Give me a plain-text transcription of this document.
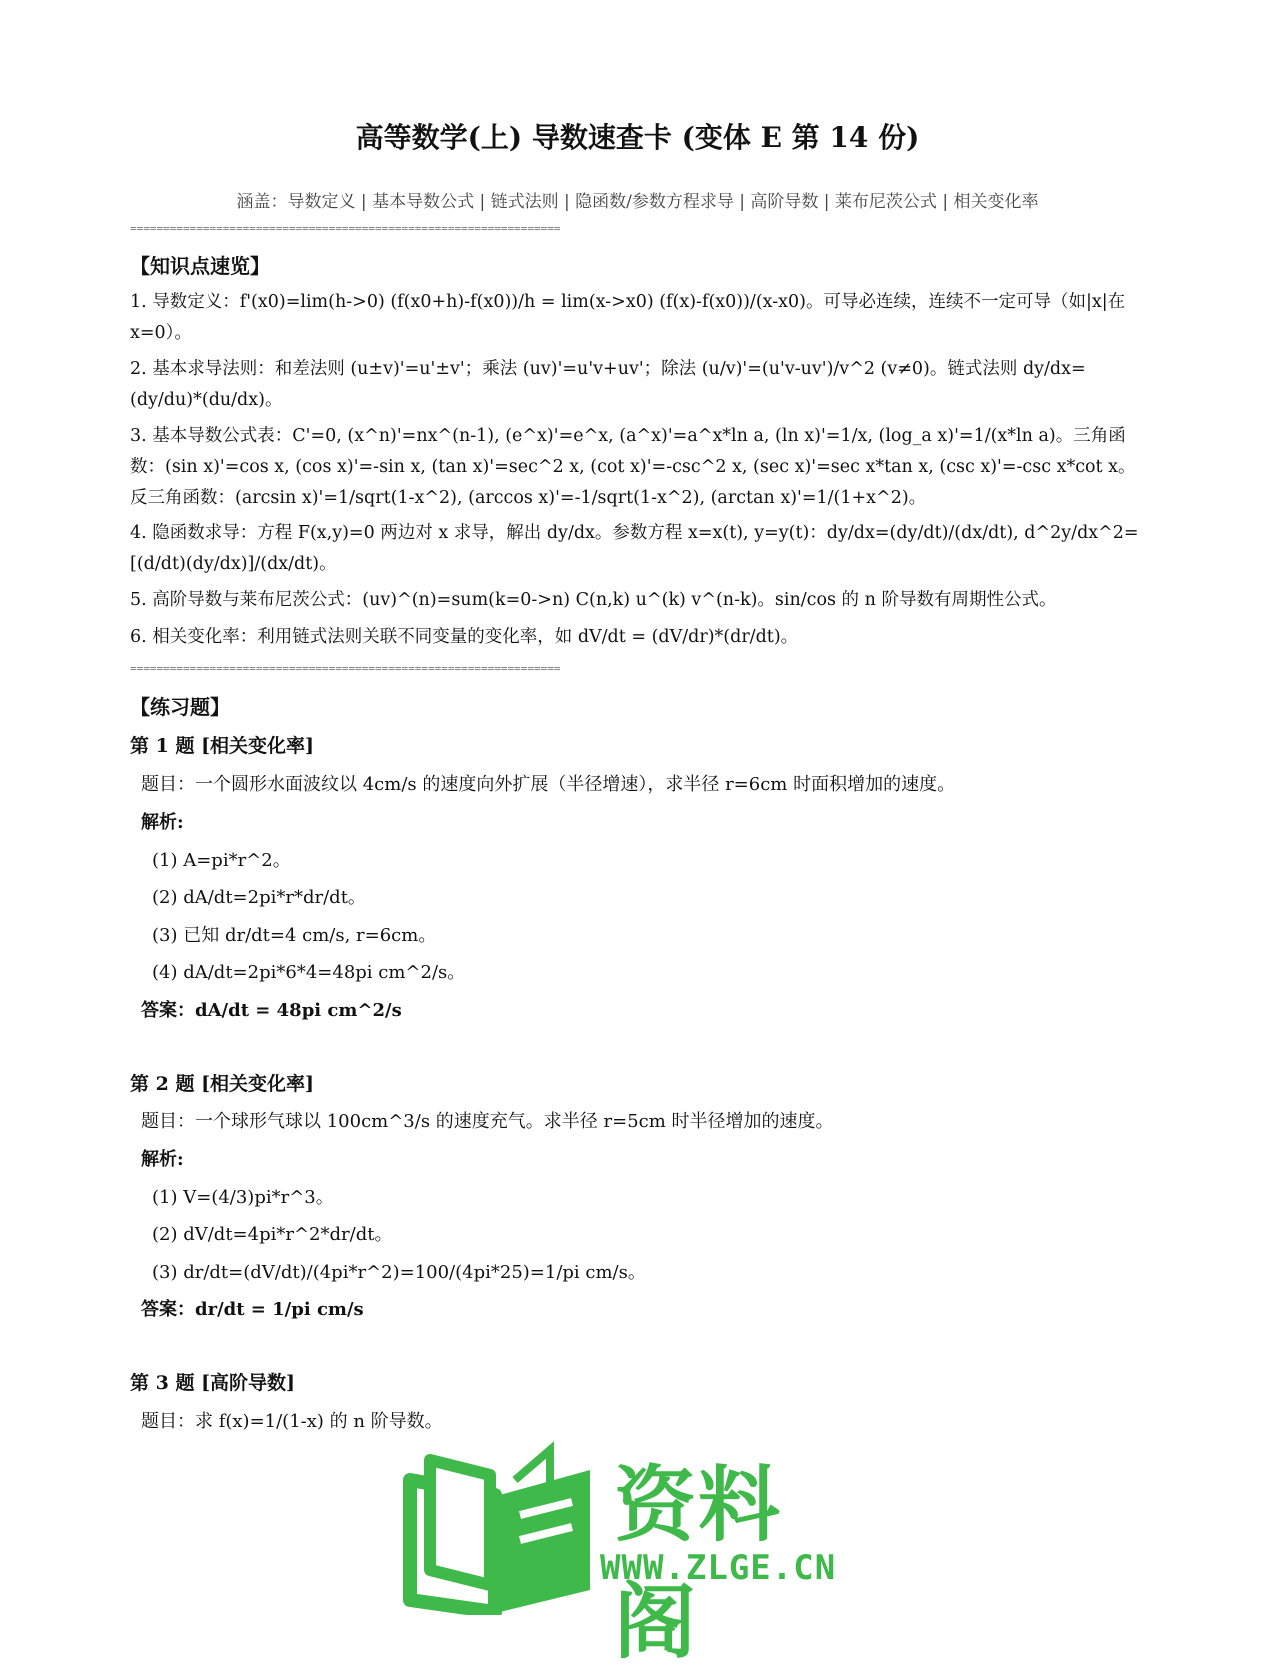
高等数学(上) 导数速查卡 (变体 E 第 14 份)

涵盖：导数定义 | 基本导数公式 | 链式法则 | 隐函数/参数方程求导 | 高阶导数 | 莱布尼茨公式 | 相关变化率

=================================================================
【知识点速览】

1. 导数定义：f'(x0)=lim(h->0) (f(x0+h)-f(x0))/h = lim(x->x0) (f(x)-f(x0))/(x-x0)。可导必连续，连续不一定可导（如|x|在 x=0）。

2. 基本求导法则：和差法则 (u±v)'=u'±v'；乘法 (uv)'=u'v+uv'；除法 (u/v)'=(u'v-uv')/v^2 (v≠0)。链式法则 dy/dx=(dy/du)*(du/dx)。

3. 基本导数公式表：C'=0, (x^n)'=nx^(n-1), (e^x)'=e^x, (a^x)'=a^x*ln a, (ln x)'=1/x, (log_a x)'=1/(x*ln a)。三角函数：(sin x)'=cos x, (cos x)'=-sin x, (tan x)'=sec^2 x, (cot x)'=-csc^2 x, (sec x)'=sec x*tan x, (csc x)'=-csc x*cot x。反三角函数：(arcsin x)'=1/sqrt(1-x^2), (arccos x)'=-1/sqrt(1-x^2), (arctan x)'=1/(1+x^2)。

4. 隐函数求导：方程 F(x,y)=0 两边对 x 求导，解出 dy/dx。参数方程 x=x(t), y=y(t)：dy/dx=(dy/dt)/(dx/dt), d^2y/dx^2=[(d/dt)(dy/dx)]/(dx/dt)。

5. 高阶导数与莱布尼茨公式：(uv)^(n)=sum(k=0->n) C(n,k) u^(k) v^(n-k)。sin/cos 的 n 阶导数有周期性公式。

6. 相关变化率：利用链式法则关联不同变量的变化率，如 dV/dt = (dV/dr)*(dr/dt)。

=================================================================
【练习题】
第 1 题 [相关变化率]

题目：一个圆形水面波纹以 4cm/s 的速度向外扩展（半径增速），求半径 r=6cm 时面积增加的速度。

解析:

(1) A=pi*r^2。

(2) dA/dt=2pi*r*dr/dt。

(3) 已知 dr/dt=4 cm/s, r=6cm。

(4) dA/dt=2pi*6*4=48pi cm^2/s。

答案：dA/dt = 48pi cm^2/s

第 2 题 [相关变化率]

题目：一个球形气球以 100cm^3/s 的速度充气。求半径 r=5cm 时半径增加的速度。

解析:

(1) V=(4/3)pi*r^3。

(2) dV/dt=4pi*r^2*dr/dt。

(3) dr/dt=(dV/dt)/(4pi*r^2)=100/(4pi*25)=1/pi cm/s。

答案：dr/dt = 1/pi cm/s

第 3 题 [高阶导数]

题目：求 f(x)=1/(1-x) 的 n 阶导数。

资料阁
WWW.ZLGE.CN
